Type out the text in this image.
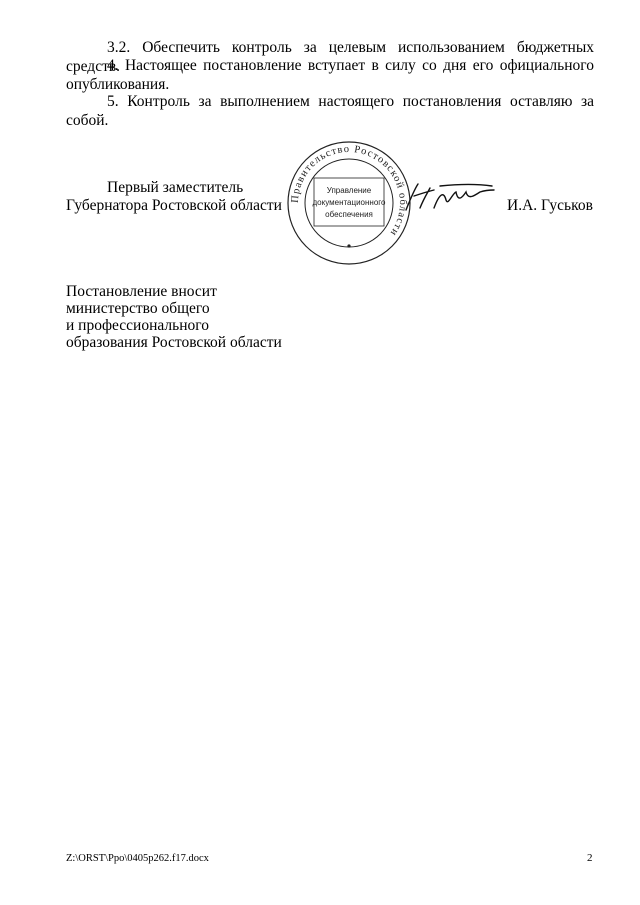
3.2. Обеспечить контроль за целевым использованием бюджетных средств.

4. Настоящее постановление вступает в силу со дня его официального опубликования.

5. Контроль за выполнением настоящего постановления оставляю за собой.

Первый заместитель
Губернатора Ростовской области	И.А. Гуськов
Правительство Ростовской области
Управление
документационного
обеспечения
Постановление вносит
министерство общего
и профессионального
образования Ростовской области
Z:\ORST\Ppo\0405p262.f17.docx	2
